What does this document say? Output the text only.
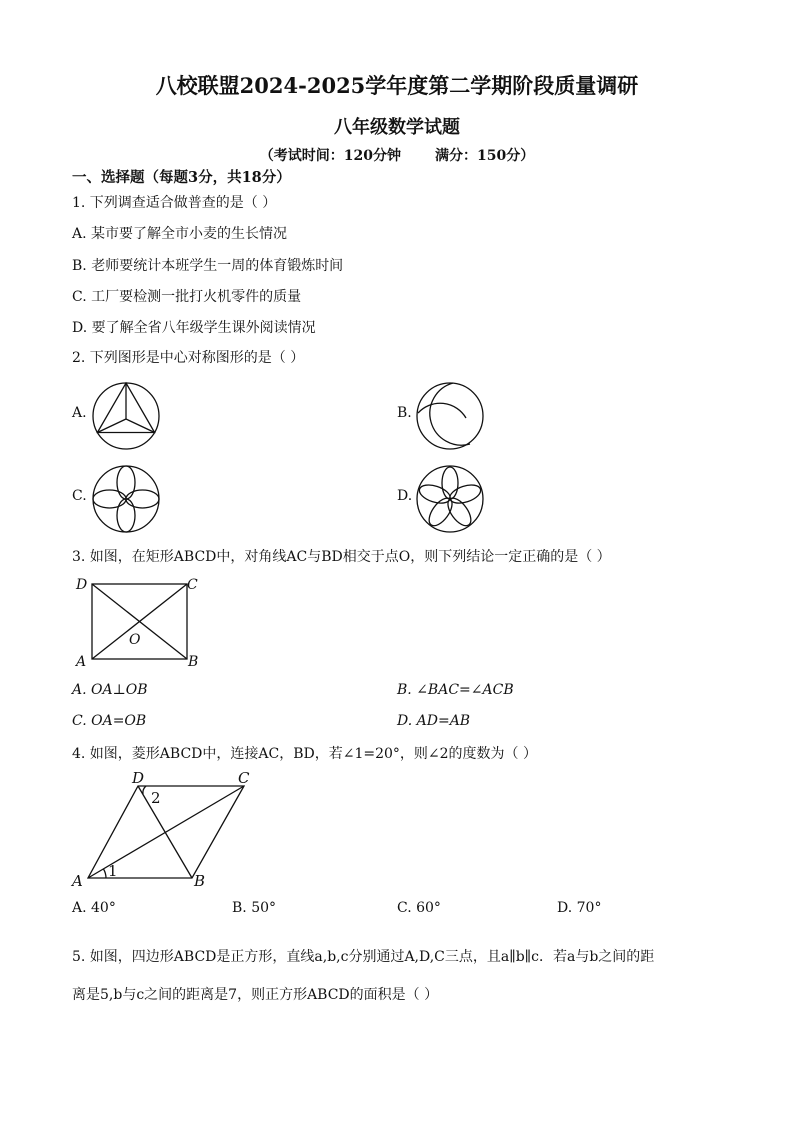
八校联盟2024-2025学年度第二学期阶段质量调研
八年级数学试题
（考试时间：120分钟 满分：150分）
一、选择题（每题3分，共18分）
1. 下列调查适合做普查的是（ ）
A. 某市要了解全市小麦的生长情况
B. 老师要统计本班学生一周的体育锻炼时间
C. 工厂要检测一批打火机零件的质量
D. 要了解全省八年级学生课外阅读情况
2. 下列图形是中心对称图形的是（ ）
A.	B.
C.	D.
3. 如图，在矩形ABCD中，对角线AC与BD相交于点O，则下列结论一定正确的是（ ）
D	C
A	B
O
A. OA⊥OB	B. ∠BAC=∠ACB
C. OA=OB	D. AD=AB
4. 如图，菱形ABCD中，连接AC，BD，若∠1=20°，则∠2的度数为（ ）
D	C
A	B
1
2
A. 40°	B. 50°	C. 60°	D. 70°
5. 如图，四边形ABCD是正方形，直线a,b,c分别通过A,D,C三点，且a∥b∥c．若a与b之间的距
离是5,b与c之间的距离是7，则正方形ABCD的面积是（ ）
